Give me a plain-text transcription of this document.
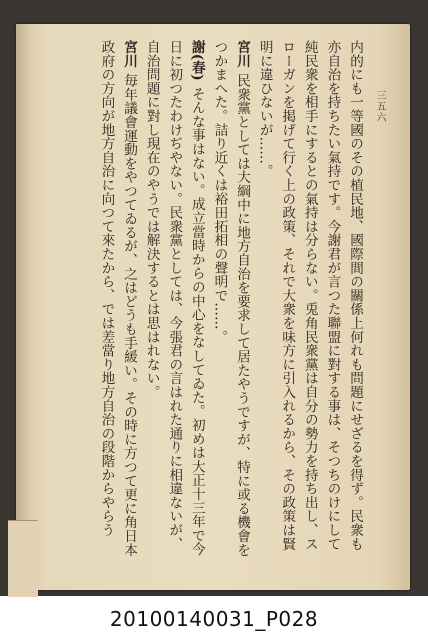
三五六
内的にも一等國のその植民地、國際間の關係上何れも問題にせざるを得ず。民衆も
亦自治を持ちたい氣持です。今謝君が言つた聯盟に對する事は、そつちのけにして
純民衆を相手にするとの氣持は分らない。兎角民衆黨は自分の勢力を持ち出し、ス
ローガンを掲げて行く上の政策、それで大衆を味方に引入れるから、その政策は賢
明に違ひないが……。
宮川民衆黨としては大綱中に地方自治を要求して居たやうですが、特に或る機會を
つかまへた。詰り近くは裕田拓相の聲明で……。
謝(春)そんな事はない。成立當時からの中心をなしてゐた。初めは大正十三年で今
日に初つたわけぢやない。民衆黨としては、今張君の言はれた通りに相違ないが、
自治問題に對し現在のやうでは解決するとは思はれない。
宮川毎年議會運動をやつてゐるが、之はどうも手緩い。その時に方つて更に角日本
政府の方向が地方自治に向つて來たから、では差當り地方自治の段階からやらう
20100140031_P028
